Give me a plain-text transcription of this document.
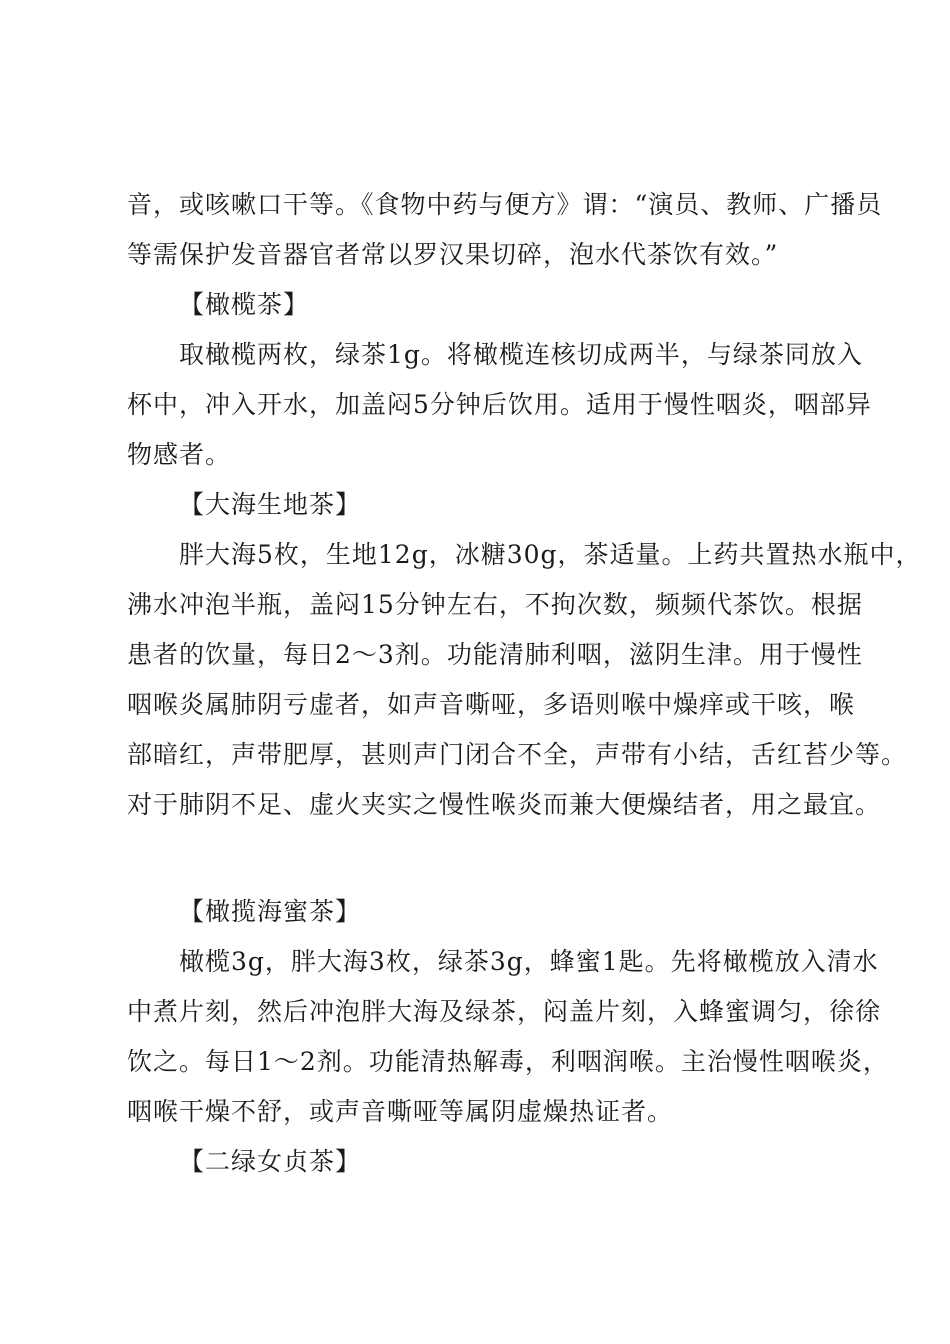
音，或咳嗽口干等。《食物中药与便方》谓：“演员、教师、广播员
等需保护发音器官者常以罗汉果切碎，泡水代茶饮有效。”
【橄榄茶】
取橄榄两枚，绿茶1g。将橄榄连核切成两半，与绿茶同放入
杯中，冲入开水，加盖闷5分钟后饮用。适用于慢性咽炎，咽部异
物感者。
【大海生地茶】
胖大海5枚，生地12g，冰糖30g，茶适量。上药共置热水瓶中，
沸水冲泡半瓶，盖闷15分钟左右，不拘次数，频频代茶饮。根据
患者的饮量，每日2～3剂。功能清肺利咽，滋阴生津。用于慢性
咽喉炎属肺阴亏虚者，如声音嘶哑，多语则喉中燥痒或干咳，喉
部暗红，声带肥厚，甚则声门闭合不全，声带有小结，舌红苔少等。
对于肺阴不足、虚火夹实之慢性喉炎而兼大便燥结者，用之最宜。
【橄揽海蜜茶】
橄榄3g，胖大海3枚，绿茶3g，蜂蜜1匙。先将橄榄放入清水
中煮片刻，然后冲泡胖大海及绿茶，闷盖片刻，入蜂蜜调匀，徐徐
饮之。每日1～2剂。功能清热解毒，利咽润喉。主治慢性咽喉炎，
咽喉干燥不舒，或声音嘶哑等属阴虚燥热证者。
【二绿女贞茶】
